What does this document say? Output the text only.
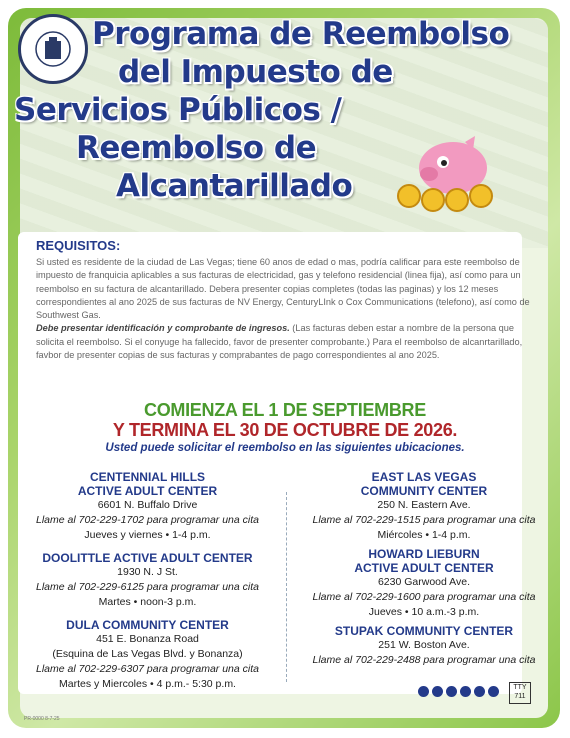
Programa de Reembolso
del Impuesto de
Servicios Públicos /
Reembolso de
Alcantarillado
REQUISITOS:
Si usted es residente de la ciudad de Las Vegas; tiene 60 anos de edad o mas, podría calificar para este reembolso de impuesto de franquicia aplicables a sus facturas de electricidad, gas y telefono residencial (linea fija), así como para un reembolso en su factura de alcantarillado. Debera presenter copias completes (todas las paginas) y los 12 meses correspondientes al ano 2025 de sus facturas de NV Energy, CenturyLInk o Cox Communications (telefono), así como de Southwest Gas.
Debe presentar identificación y comprobante de ingresos. (Las facturas deben estar a nombre de la persona que solicita el reembolso. Si el conyuge ha fallecido, favor de presenter comprobante.) Para el reembolso de alcanrtarillado, favbor de presenter copias de sus facturas y comprabantes de pago correspondientes al ano 2025.
COMIENZA EL 1 DE SEPTIEMBRE
Y TERMINA EL 30 DE OCTUBRE DE 2026.
Usted puede solicitar el reembolso en las siguientes ubicaciones.
CENTENNIAL HILLS
ACTIVE ADULT CENTER
6601 N. Buffalo Drive
Llame al 702-229-1702 para programar una cita
Jueves y viernes • 1-4 p.m.
DOOLITTLE ACTIVE ADULT CENTER
1930 N. J St.
Llame al 702-229-6125 para programar una cita
Martes • noon-3 p.m.
DULA COMMUNITY CENTER
451 E. Bonanza Road
(Esquina de Las Vegas Blvd. y Bonanza)
Llame al 702-229-6307 para programar una cita
Martes y Miercoles • 4 p.m.- 5:30 p.m.
EAST LAS VEGAS
COMMUNITY CENTER
250 N. Eastern Ave.
Llame al 702-229-1515 para programar una cita
Miércoles • 1-4 p.m.
HOWARD LIEBURN
ACTIVE ADULT CENTER
6230 Garwood Ave.
Llame al 702-229-1600 para programar una cita
Jueves • 10 a.m.-3 p.m.
STUPAK COMMUNITY CENTER
251 W. Boston Ave.
Llame al 702-229-2488 para programar una cita
TTY 711
PR-0000 8-7-25
